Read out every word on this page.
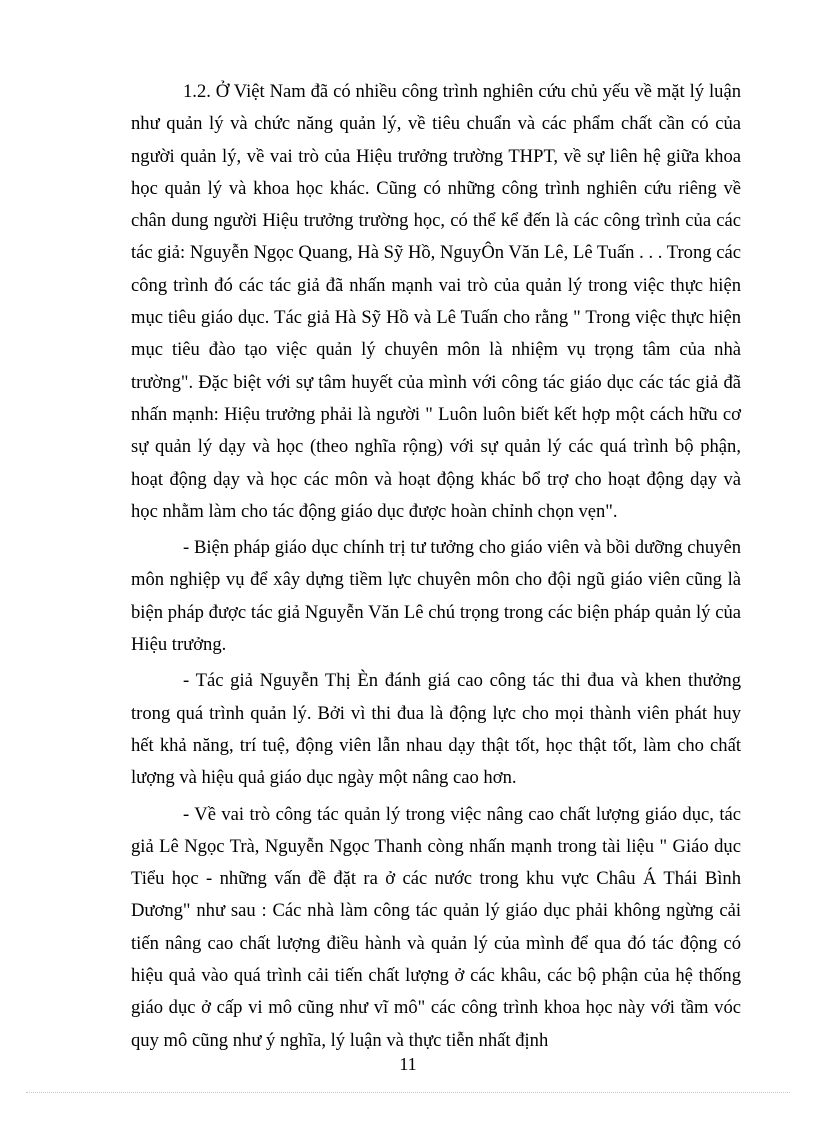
1.2. Ở Việt Nam đã có nhiều công trình nghiên cứu chủ yếu về mặt lý luận như quản lý và chức năng quản lý, về tiêu chuẩn và các phẩm chất cần có của người quản lý, về vai trò của Hiệu trưởng trường THPT, về sự liên hệ giữa khoa học quản lý và khoa học khác. Cũng có những công trình nghiên cứu riêng về chân dung người Hiệu trưởng trường học, có thể kể đến là các công trình của các tác giả: Nguyễn Ngọc Quang, Hà Sỹ Hồ, NguyÔn Văn Lê, Lê Tuấn . . . Trong các công trình đó các tác giả đã nhấn mạnh vai trò của quản lý trong việc thực hiện mục tiêu giáo dục. Tác giả Hà Sỹ Hồ và Lê Tuấn cho rằng " Trong việc thực hiện mục tiêu đào tạo việc quản lý chuyên môn là nhiệm vụ trọng tâm của nhà trường". Đặc biệt với sự tâm huyết của mình với công tác giáo dục các tác giả đã nhấn mạnh: Hiệu trưởng phải là người " Luôn luôn biết kết hợp một cách hữu cơ sự quản lý dạy và học (theo nghĩa rộng) với sự quản lý các quá trình bộ phận, hoạt động dạy và học các môn và hoạt động khác bổ trợ cho hoạt động dạy và học nhằm làm cho tác động giáo dục được hoàn chỉnh chọn vẹn".

- Biện pháp giáo dục chính trị tư tưởng cho giáo viên và bồi dưỡng chuyên môn nghiệp vụ để xây dựng tiềm lực chuyên môn cho đội ngũ giáo viên cũng là biện pháp được tác giả Nguyễn Văn Lê chú trọng trong các biện pháp quản lý của Hiệu trưởng.

- Tác giả Nguyễn Thị Èn đánh giá cao công tác thi đua và khen thưởng trong quá trình quản lý. Bởi vì thi đua là động lực cho mọi thành viên phát huy hết khả năng, trí tuệ, động viên lẫn nhau dạy thật tốt, học thật tốt, làm cho chất lượng và hiệu quả giáo dục ngày một nâng cao hơn.

- Về vai trò công tác quản lý trong việc nâng cao chất lượng giáo dục, tác giả Lê Ngọc Trà, Nguyễn Ngọc Thanh còng nhấn mạnh trong tài liệu " Giáo dục Tiểu học - những vấn đề đặt ra ở các nước trong khu vực Châu Á Thái Bình Dương" như sau : Các nhà làm công tác quản lý giáo dục phải không ngừng cải tiến nâng cao chất lượng điều hành và quản lý của mình để qua đó tác động có hiệu quả vào quá trình cải tiến chất lượng ở các khâu, các bộ phận của hệ thống giáo dục ở cấp vi mô cũng như vĩ mô" các công trình khoa học này với tầm vóc quy mô cũng như ý nghĩa, lý luận và thực tiễn nhất định

11
